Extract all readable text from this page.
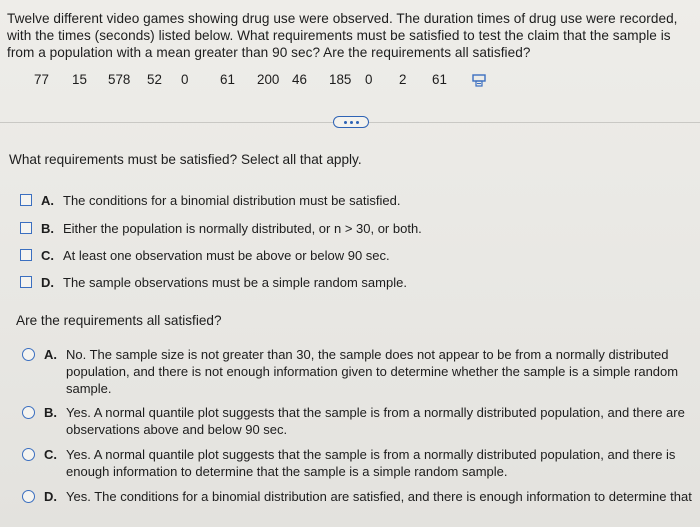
Twelve different video games showing drug use were observed. The duration times of drug use were recorded, with the times (seconds) listed below. What requirements must be satisfied to test the claim that the sample is from a population with a mean greater than 90 sec? Are the requirements all satisfied?
77	15	578	52	0	61	200 46	185	0	2	61
What requirements must be satisfied? Select all that apply.
A. The conditions for a binomial distribution must be satisfied.
B. Either the population is normally distributed, or n > 30, or both.
C. At least one observation must be above or below 90 sec.
D. The sample observations must be a simple random sample.
Are the requirements all satisfied?
A. No. The sample size is not greater than 30, the sample does not appear to be from a normally distributed population, and there is not enough information given to determine whether the sample is a simple random sample.
B. Yes. A normal quantile plot suggests that the sample is from a normally distributed population, and there are observations above and below 90 sec.
C. Yes. A normal quantile plot suggests that the sample is from a normally distributed population, and there is enough information to determine that the sample is a simple random sample.
D. Yes. The conditions for a binomial distribution are satisfied, and there is enough information to determine that
